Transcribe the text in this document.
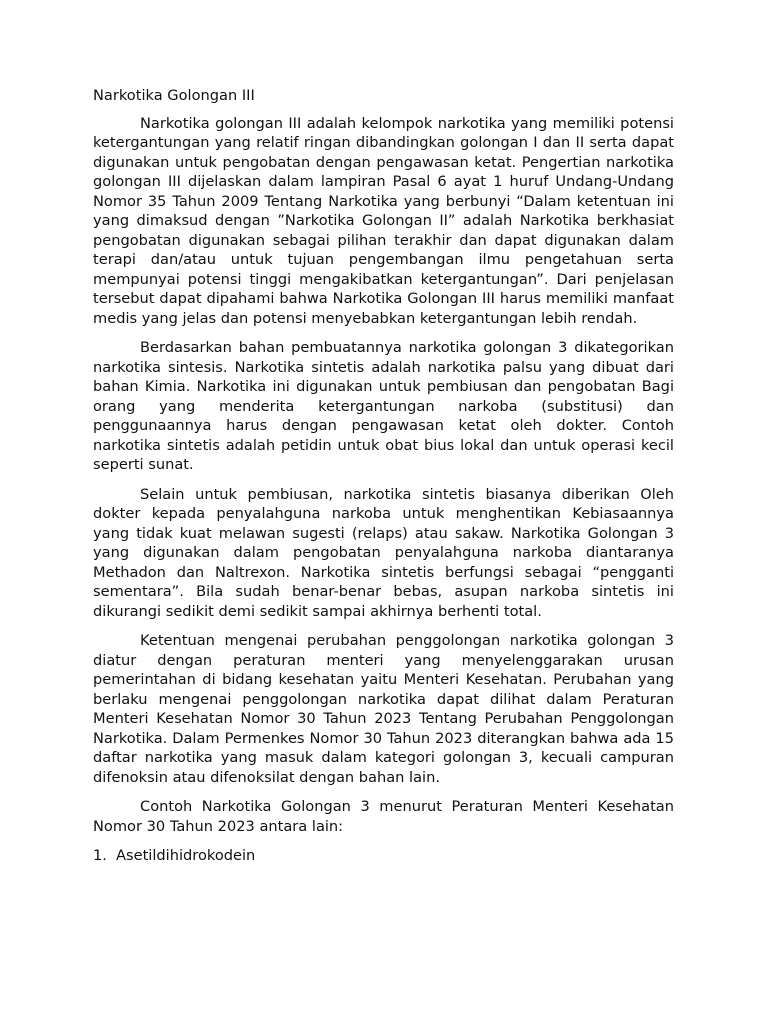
Narkotika Golongan III

Narkotika golongan III adalah kelompok narkotika yang memiliki potensi ketergantungan yang relatif ringan dibandingkan golongan I dan II serta dapat digunakan untuk pengobatan dengan pengawasan ketat. Pengertian narkotika golongan III dijelaskan dalam lampiran Pasal 6 ayat 1 huruf Undang-Undang Nomor 35 Tahun 2009 Tentang Narkotika yang berbunyi “Dalam ketentuan ini yang dimaksud dengan ”Narkotika Golongan II” adalah Narkotika berkhasiat pengobatan digunakan sebagai pilihan terakhir dan dapat digunakan dalam terapi dan/atau untuk tujuan pengembangan ilmu pengetahuan serta mempunyai potensi tinggi mengakibatkan ketergantungan”. Dari penjelasan tersebut dapat dipahami bahwa Narkotika Golongan III harus memiliki manfaat medis yang jelas dan potensi menyebabkan ketergantungan lebih rendah.

Berdasarkan bahan pembuatannya narkotika golongan 3 dikategorikan narkotika sintesis. Narkotika sintetis adalah narkotika palsu yang dibuat dari bahan Kimia. Narkotika ini digunakan untuk pembiusan dan pengobatan Bagi orang yang menderita ketergantungan narkoba (substitusi) dan penggunaannya harus dengan pengawasan ketat oleh dokter. Contoh narkotika sintetis adalah petidin untuk obat bius lokal dan untuk operasi kecil seperti sunat.

Selain untuk pembiusan, narkotika sintetis biasanya diberikan Oleh dokter kepada penyalahguna narkoba untuk menghentikan Kebiasaannya yang tidak kuat melawan sugesti (relaps) atau sakaw. Narkotika Golongan 3 yang digunakan dalam pengobatan penyalahguna narkoba diantaranya Methadon dan Naltrexon. Narkotika sintetis berfungsi sebagai “pengganti sementara”. Bila sudah benar-benar bebas, asupan narkoba sintetis ini dikurangi sedikit demi sedikit sampai akhirnya berhenti total.

Ketentuan mengenai perubahan penggolongan narkotika golongan 3 diatur dengan peraturan menteri yang menyelenggarakan urusan pemerintahan di bidang kesehatan yaitu Menteri Kesehatan. Perubahan yang berlaku mengenai penggolongan narkotika dapat dilihat dalam Peraturan Menteri Kesehatan Nomor 30 Tahun 2023 Tentang Perubahan Penggolongan Narkotika. Dalam Permenkes Nomor 30 Tahun 2023 diterangkan bahwa ada 15 daftar narkotika yang masuk dalam kategori golongan 3, kecuali campuran difenoksin atau difenoksilat dengan bahan lain.

Contoh Narkotika Golongan 3 menurut Peraturan Menteri Kesehatan Nomor 30 Tahun 2023 antara lain:

1. Asetildihidrokodein
